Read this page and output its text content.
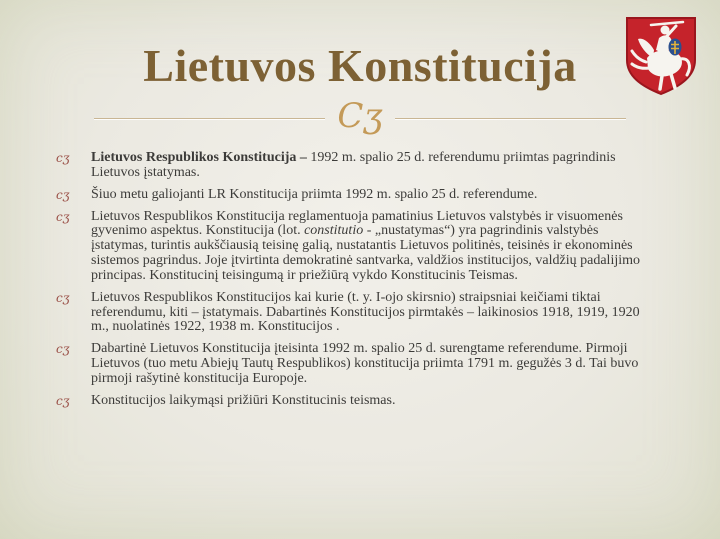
Lietuvos Konstitucija
Cʒ
cʒ	Lietuvos Respublikos Konstitucija – 1992 m. spalio 25 d. referendumu priimtas pagrindinis Lietuvos įstatymas.

cʒ	Šiuo metu galiojanti LR Konstitucija priimta 1992 m. spalio 25 d. referendume.

cʒ	Lietuvos Respublikos Konstitucija reglamentuoja pamatinius Lietuvos valstybės ir visuomenės gyvenimo aspektus. Konstitucija (lot. constitutio - „nustatymas“) yra pagrindinis valstybės įstatymas, turintis aukščiausią teisinę galią, nustatantis Lietuvos politinės, teisinės ir ekonominės sistemos pagrindus. Joje įtvirtinta demokratinė santvarka, valdžios institucijos, valdžių padalijimo principas. Konstitucinį teisingumą ir priežiūrą vykdo Konstitucinis Teismas.

cʒ	Lietuvos Respublikos Konstitucijos kai kurie (t. y. I-ojo skirsnio) straipsniai keičiami tiktai referendumu, kiti – įstatymais. Dabartinės Konstitucijos pirmtakės – laikinosios 1918, 1919, 1920 m., nuolatinės 1922, 1938 m. Konstitucijos .

cʒ	Dabartinė Lietuvos Konstitucija įteisinta 1992 m. spalio 25 d. surengtame referendume. Pirmoji Lietuvos (tuo metu Abiejų Tautų Respublikos) konstitucija priimta 1791 m. gegužės 3 d. Tai buvo pirmoji rašytinė konstitucija Europoje.

cʒ	Konstitucijos laikymąsi prižiūri Konstitucinis teismas.
